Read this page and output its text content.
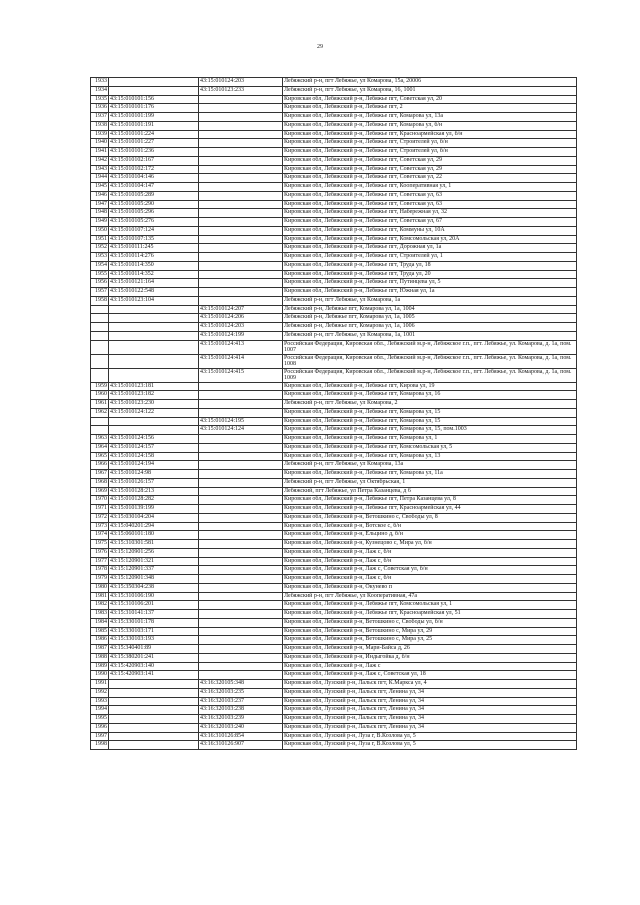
29
1933		43:15:010124:203	Лебяжский р-н, пгт Лебяжье, ул Комарова, 15а, 20006
1934		43:15:010123:233	Лебяжский р-н, пгт Лебяжье, ул Комарова, 16, 1001
1935	43:15:010101:156		Кировская обл, Лебяжский р-н, Лебяжье пгт, Советская ул, 20
1936	43:15:010101:176		Кировская обл, Лебяжский р-н, Лебяжье пгт, 2
1937	43:15:010101:199		Кировская обл, Лебяжский р-н, Лебяжье пгт, Комарова ул, 13а
1938	43:15:010101:191		Кировская обл, Лебяжский р-н, Лебяжье пгт, Комарова ул, б/н
1939	43:15:010101:224		Кировская обл, Лебяжский р-н, Лебяжье пгт, Красноармейская ул, б/н
1940	43:15:010101:227		Кировская обл, Лебяжский р-н, Лебяжье пгт, Строителей ул, б/н
1941	43:15:010101:236		Кировская обл, Лебяжский р-н, Лебяжье пгт, Строителей ул, б/н
1942	43:15:010102:167		Кировская обл, Лебяжский р-н, Лебяжье пгт, Советская ул, 29
1943	43:15:010102:172		Кировская обл, Лебяжский р-н, Лебяжье пгт, Советская ул, 29
1944	43:15:010104:146		Кировская обл, Лебяжский р-н, Лебяжье пгт, Советская ул, 22
1945	43:15:010104:147		Кировская обл, Лебяжский р-н, Лебяжье пгт, Кооперативная ул, 1
1946	43:15:010105:289		Кировская обл, Лебяжский р-н, Лебяжье пгт, Советская ул, 63
1947	43:15:010105:290		Кировская обл, Лебяжский р-н, Лебяжье пгт, Советская ул, 63
1948	43:15:010105:296		Кировская обл, Лебяжский р-н, Лебяжье пгт, Набережная ул, 32
1949	43:15:010105:276		Кировская обл, Лебяжский р-н, Лебяжье пгт, Советская ул, 67
1950	43:15:010107:124		Кировская обл, Лебяжский р-н, Лебяжье пгт, Коммуны ул, 10А
1951	43:15:010107:135		Кировская обл, Лебяжский р-н, Лебяжье пгт, Комсомольская ул, 20А
1952	43:15:010111:245		Кировская обл, Лебяжский р-н, Лебяжье пгт, Дорожная ул, 1а
1953	43:15:010114:276		Кировская обл, Лебяжский р-н, Лебяжье пгт, Строителей ул, 1
1954	43:15:010114:350		Кировская обл, Лебяжский р-н, Лебяжье пгт, Труда ул, 18
1955	43:15:010114:352		Кировская обл, Лебяжский р-н, Лебяжье пгт, Труда ул, 20
1956	43:15:010121:164		Кировская обл, Лебяжский р-н, Лебяжье пгт, Путинцева ул, 5
1957	43:15:010122:548		Кировская обл, Лебяжский р-н, Лебяжье пгт, Южная ул, 1а
1958	43:15:010123:104		Лебяжский р-н, пгт Лебяжье, ул Комарова, 1а
		43:15:010124:207	Лебяжский р-н, Лебяжье пгт, Комарова ул, 1а, 1004
		43:15:010124:206	Лебяжский р-н, Лебяжье пгт, Комарова ул, 1а, 1005
		43:15:010124:203	Лебяжский р-н, Лебяжье пгт, Комарова ул, 1а, 1006
		43:15:010124:199	Лебяжский р-н, пгт Лебяжье, ул Комарова, 1а, 1001
		43:15:010124:413	Российская Федерация, Кировская обл., Лебяжский м.р-н, Лебяжское г.п., пгт. Лебяжье, ул. Комарова, д. 1а, пом. 1007
		43:15:010124:414	Российская Федерация, Кировская обл., Лебяжский м.р-н, Лебяжское г.п., пгт. Лебяжье, ул. Комарова, д. 1а, пом. 1008
		43:15:010124:415	Российская Федерация, Кировская обл., Лебяжский м.р-н, Лебяжское г.п., пгт. Лебяжье, ул. Комарова, д. 1а, пом. 1009
1959	43:15:010123:181		Кировская обл, Лебяжский р-н, Лебяжье пгт, Кирова ул, 19
1960	43:15:010123:182		Кировская обл, Лебяжский р-н, Лебяжье пгт, Комарова ул, 16
1961	43:15:010123:230		Лебяжский р-н, пгт Лебяжье, ул Комарова, 2
1962	43:15:010124:122		Кировская обл, Лебяжский р-н, Лебяжье пгт, Комарова ул, 15
		43:15:010124:195	Кировская обл, Лебяжский р-н, Лебяжье пгт, Комарова ул, 15
		43:15:010124:124	Кировская обл, Лебяжский р-н, Лебяжье пгт, Комарова ул, 15, пом.1003
1963	43:15:010124:156		Кировская обл, Лебяжский р-н, Лебяжье пгт, Комарова ул, 1
1964	43:15:010124:157		Кировская обл, Лебяжский р-н, Лебяжье пгт, Комсомольская ул, 5
1965	43:15:010124:158		Кировская обл, Лебяжский р-н, Лебяжье пгт, Комарова ул, 13
1966	43:15:010124:194		Лебяжский р-н, пгт Лебяжье, ул Комарова, 13а
1967	43:15:010124:98		Кировская обл, Лебяжский р-н, Лебяжье пгт, Комарова ул, 11а
1968	43:15:010126:157		Лебяжский р-н, пгт Лебяжье, ул Октябрьская, 1
1969	43:15:010128:213		Лебяжский, пгт Лебяжье, ул Петра Казанцева, д 6
1970	43:15:010128:282		Кировская обл, Лебяжский р-н, Лебяжье пгт, Петра Казанцева ул, 8
1971	43:15:010139:199		Кировская обл, Лебяжский р-н, Лебяжье пгт, Красноармейская ул, 44
1972	43:15:030104:204		Кировская обл, Лебяжский р-н, Ветошкино с, Свободы ул, 8
1973	43:15:040201:294		Кировская обл, Лебяжский р-н, Вотское с, б/н
1974	43:15:060101:180		Кировская обл, Лебяжский р-н, Ельцино д, б/н
1975	43:15:310301:581		Кировская обл, Лебяжский р-н, Кузнецово с, Мира ул, б/н
1976	43:15:120901:256		Кировская обл, Лебяжский р-н, Лаж с, б/н
1977	43:15:120901:321		Кировская обл, Лебяжский р-н, Лаж с, б/н
1978	43:15:120901:337		Кировская обл, Лебяжский р-н, Лаж с, Советская ул, б/н
1979	43:15:120901:348		Кировская обл, Лебяжский р-н, Лаж с, б/н
1980	43:15:350304:238		Кировская обл, Лебяжский р-н, Окунево п
1981	43:15:310106:190		Лебяжский р-н, пгт Лебяжье, ул Кооперативная, 47а
1982	43:15:310106:201		Кировская обл, Лебяжский р-н, Лебяжье пгт, Комсомольская ул, 1
1983	43:15:310141:137		Кировская обл, Лебяжский р-н, Лебяжье пгт, Красноармейская ул, 51
1984	43:15:330101:178		Кировская обл, Лебяжский р-н, Ветошкино с, Свободы ул, б/н
1985	43:15:330103:171		Кировская обл, Лебяжский р-н, Ветошкино с, Мира ул, 29
1986	43:15:330103:193		Кировская обл, Лебяжский р-н, Ветошкино с, Мира ул, 25
1987	43:15:340401:89		Кировская обл, Лебяжский р-н, Мари-Байса д, 26
1988	43:15:380201:241		Кировская обл, Лебяжский р-н, Индыгойка д, б/н
1989	43:15:420903:140		Кировская обл, Лебяжский р-н, Лаж с
1990	43:15:420903:141		Кировская обл, Лебяжский р-н, Лаж с, Советская ул, 18
1991		43:16:320105:348	Кировская обл, Лузский р-н, Лальск пгт, К.Маркса ул, 4
1992		43:16:320103:235	Кировская обл, Лузский р-н, Лальск пгт, Ленина ул, 34
1993		43:16:320103:237	Кировская обл, Лузский р-н, Лальск пгт, Ленина ул, 34
1994		43:16:320103:238	Кировская обл, Лузский р-н, Лальск пгт, Ленина ул, 34
1995		43:16:320103:239	Кировская обл, Лузский р-н, Лальск пгт, Ленина ул, 34
1996		43:16:320103:240	Кировская обл, Лузский р-н, Лальск пгт, Ленина ул, 34
1997		43:16:310126:854	Кировская обл, Лузский р-н, Луза г, В.Козлова ул, 5
1998		43:16:310126:907	Кировская обл, Лузский р-н, Луза г, В.Козлова ул, 5
